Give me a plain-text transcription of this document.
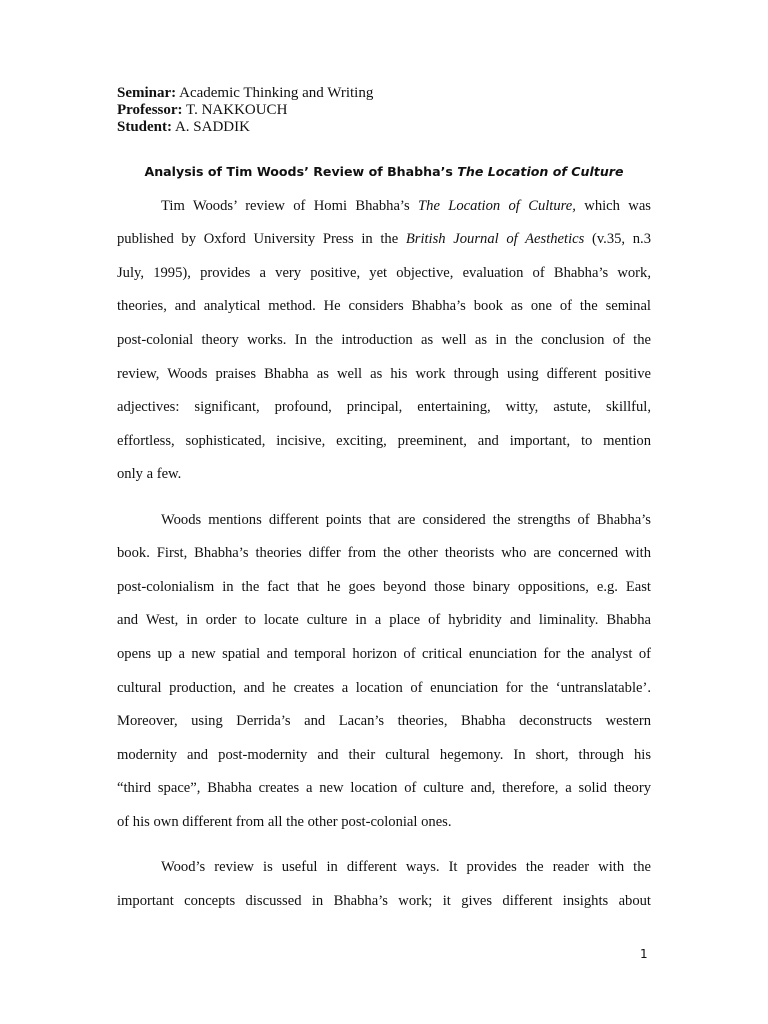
Seminar: Academic Thinking and Writing
Professor: T. NAKKOUCH
Student: A. SADDIK
Analysis of Tim Woods’ Review of Bhabha’s The Location of Culture
Tim Woods’ review of Homi Bhabha’s The Location of Culture, which was
published by Oxford University Press in the British Journal of Aesthetics (v.35, n.3
July, 1995), provides a very positive, yet objective, evaluation of Bhabha’s work,
theories, and analytical method. He considers Bhabha’s book as one of the seminal
post-colonial theory works. In the introduction as well as in the conclusion of the
review, Woods praises Bhabha as well as his work through using different positive
adjectives: significant, profound, principal, entertaining, witty, astute, skillful,
effortless, sophisticated, incisive, exciting, preeminent, and important, to mention
only a few.
Woods mentions different points that are considered the strengths of Bhabha’s
book. First, Bhabha’s theories differ from the other theorists who are concerned with
post-colonialism in the fact that he goes beyond those binary oppositions, e.g. East
and West, in order to locate culture in a place of hybridity and liminality. Bhabha
opens up a new spatial and temporal horizon of critical enunciation for the analyst of
cultural production, and he creates a location of enunciation for the ‘untranslatable’.
Moreover, using Derrida’s and Lacan’s theories, Bhabha deconstructs western
modernity and post-modernity and their cultural hegemony. In short, through his
“third space”, Bhabha creates a new location of culture and, therefore, a solid theory
of his own different from all the other post-colonial ones.
Wood’s review is useful in different ways. It provides the reader with the
important concepts discussed in Bhabha’s work; it gives different insights about
1
